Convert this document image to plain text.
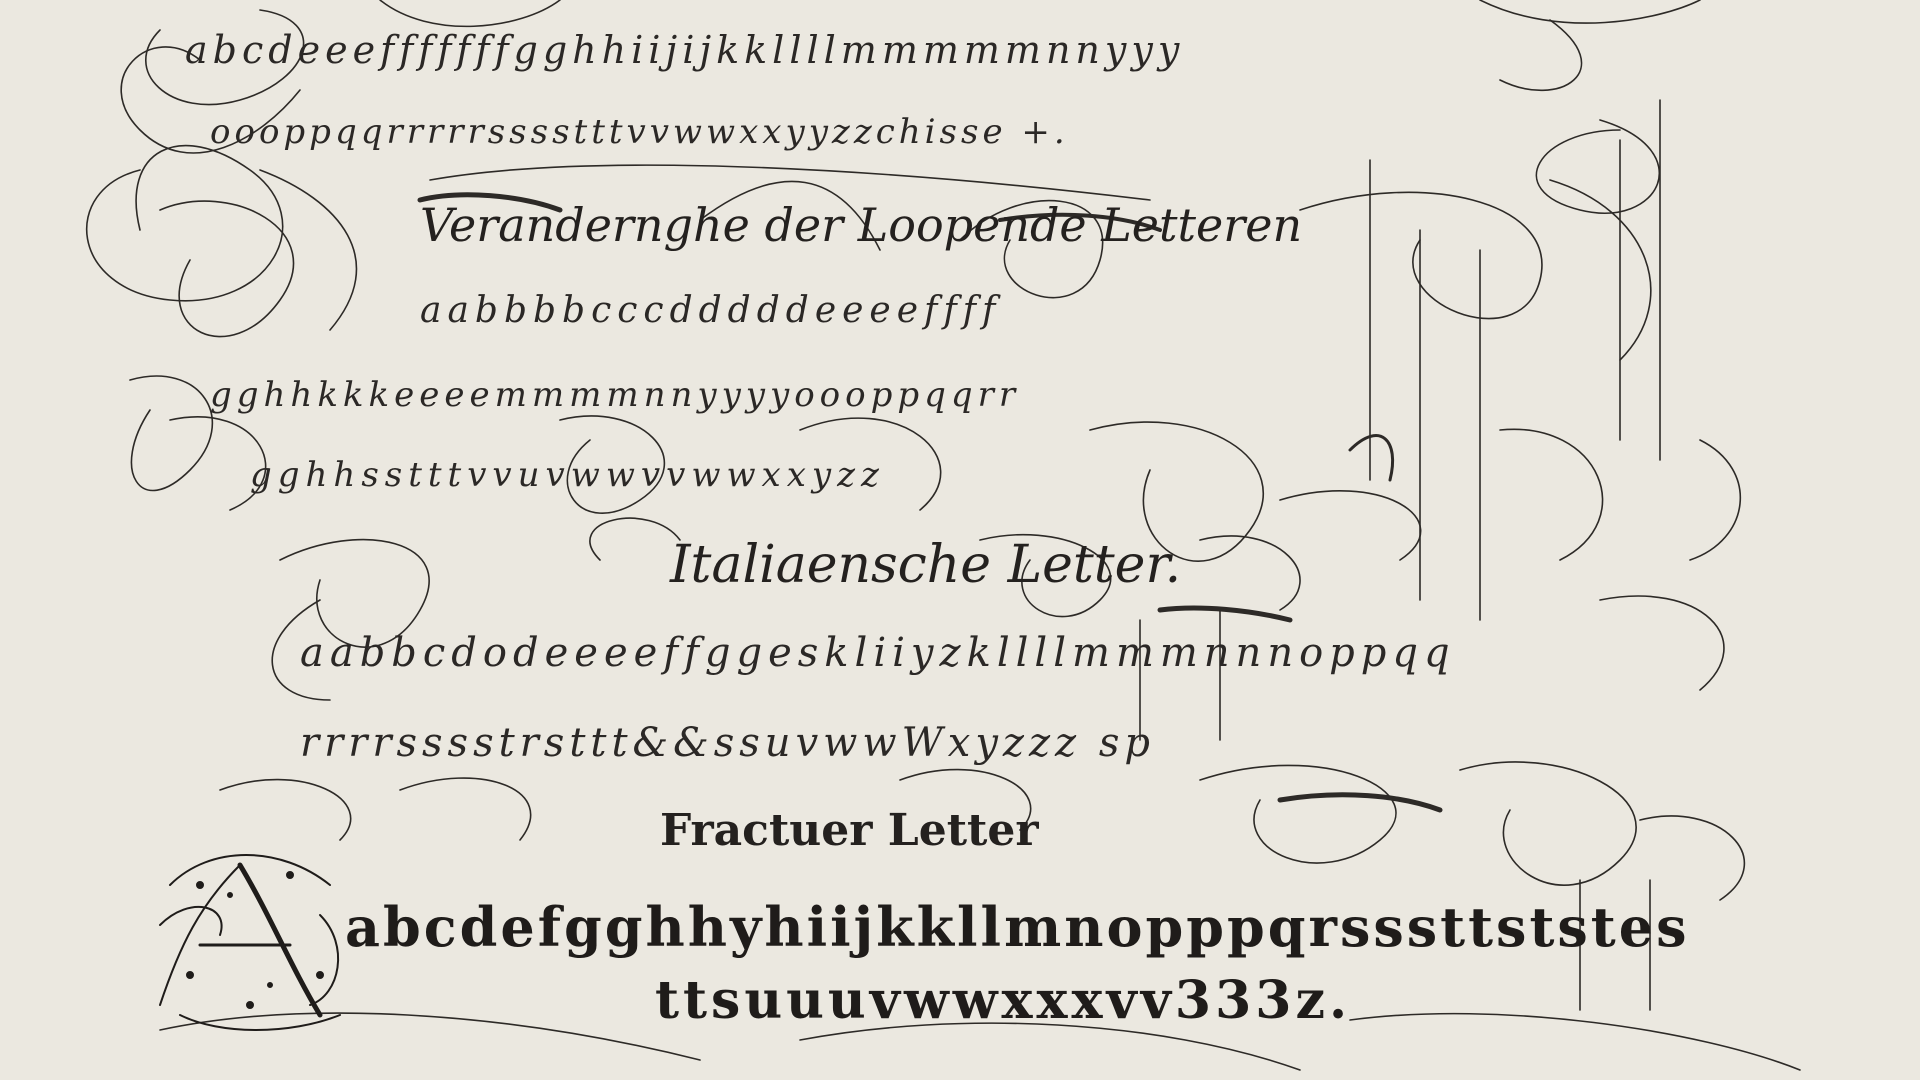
abcdeeefffffffgghhiijijkkllllmmmmmnnyyy
oooppqqrrrrrsssstttvvwwxxyyzzchisse +.
Verandernghe der Loopende Letteren
aabbbbcccdddddeeeeffff
gghhkkkeeeemmmmnnyyyyoooppqqrr
gghhsstttvvuvwwvvwwxxyzz
Italiaensche Letter.
aabbcdodeeeeffggeskliiyzkllllmmmnnnoppqq
rrrrsssstrsttt&&ssuvwwWxyzzz sp
Fractuer Letter
abcdefgghhyhiijkkllmnopppqrsssttststes
ttsuuuvwwxxxvv333z.
